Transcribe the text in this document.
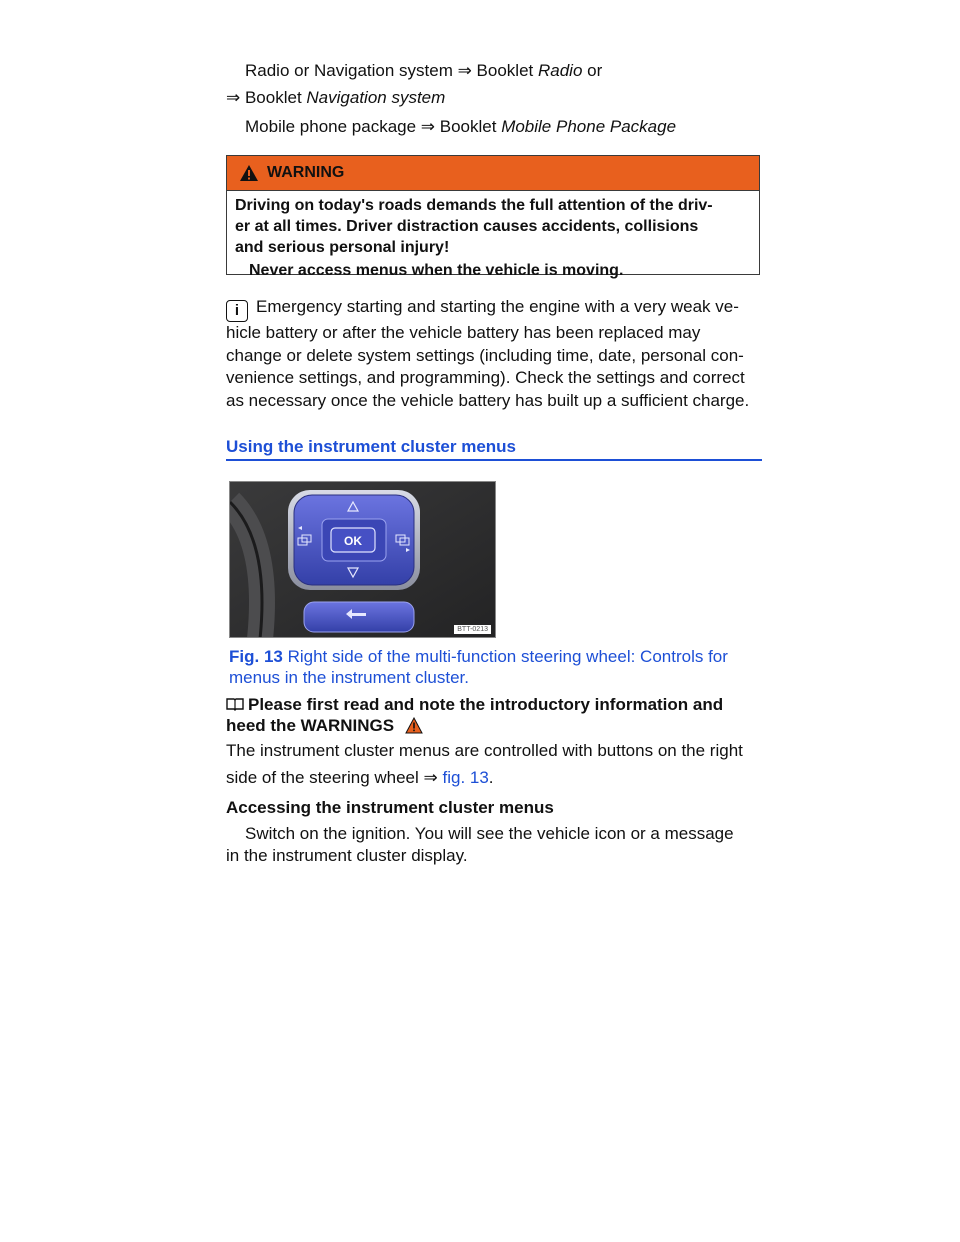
Radio or Navigation system ⇒ Booklet Radio or
⇒ Booklet Navigation system
Mobile phone package ⇒ Booklet Mobile Phone Package
WARNING
Driving on today's roads demands the full attention of the driv-
er at all times. Driver distraction causes accidents, collisions
and serious personal injury!
Never access menus when the vehicle is moving.
i Emergency starting and starting the engine with a very weak ve-
hicle battery or after the vehicle battery has been replaced may
change or delete system settings (including time, date, personal con-
venience settings, and programming). Check the settings and correct
as necessary once the vehicle battery has built up a sufficient charge.
Using the instrument cluster menus
OK
BTT-0213
Fig. 13 Right side of the multi-function steering wheel: Controls for
menus in the instrument cluster.
Please first read and note the introductory information and
heed the WARNINGS
The instrument cluster menus are controlled with buttons on the right
side of the steering wheel ⇒ fig. 13.
Accessing the instrument cluster menus
Switch on the ignition. You will see the vehicle icon or a message
in the instrument cluster display.
